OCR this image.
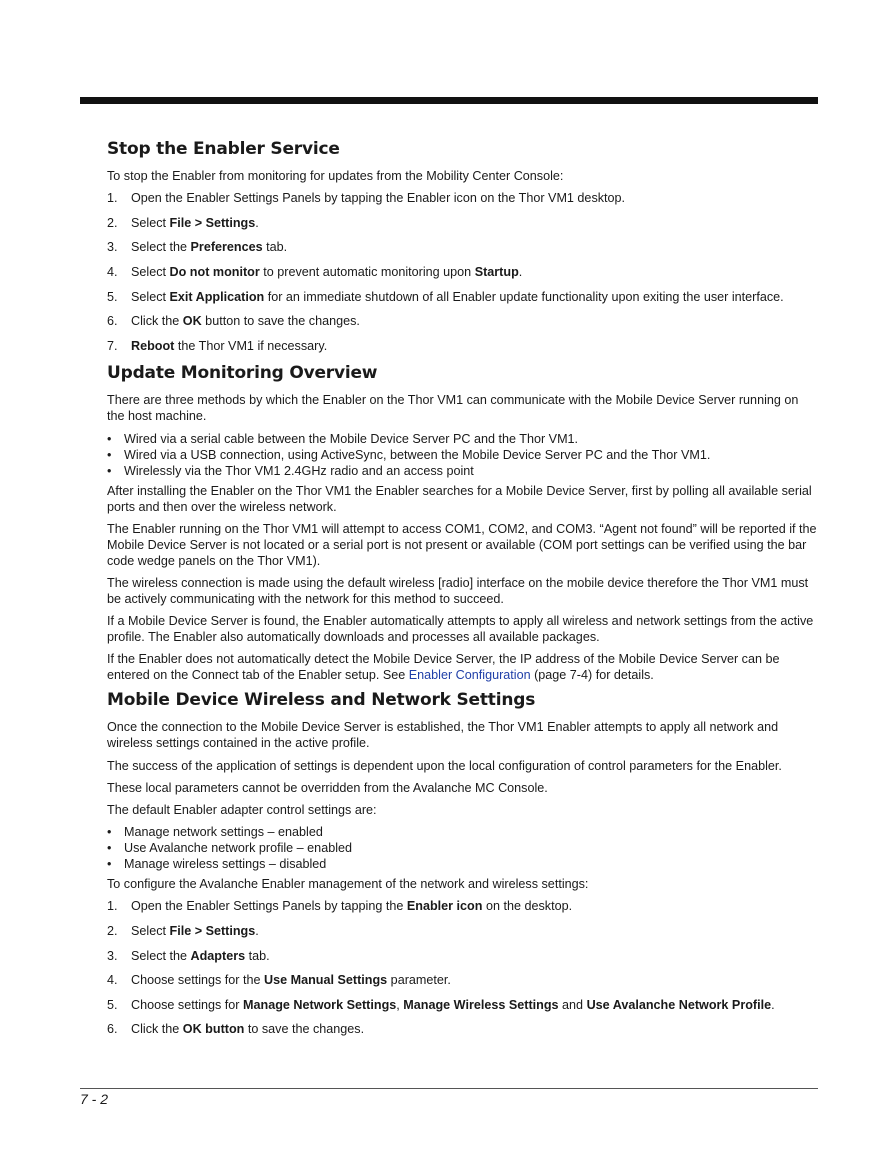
Stop the Enabler Service

To stop the Enabler from monitoring for updates from the Mobility Center Console:

1.	Open the Enabler Settings Panels by tapping the Enabler icon on the Thor VM1 desktop.
2.	Select File > Settings.
3.	Select the Preferences tab.
4.	Select Do not monitor to prevent automatic monitoring upon Startup.
5.	Select Exit Application for an immediate shutdown of all Enabler update functionality upon exiting the user interface.
6.	Click the OK button to save the changes.
7.	Reboot the Thor VM1 if necessary.
Update Monitoring Overview

There are three methods by which the Enabler on the Thor VM1 can communicate with the Mobile Device Server running on the host machine.

• Wired via a serial cable between the Mobile Device Server PC and the Thor VM1.
• Wired via a USB connection, using ActiveSync, between the Mobile Device Server PC and the Thor VM1.
• Wirelessly via the Thor VM1 2.4GHz radio and an access point

After installing the Enabler on the Thor VM1 the Enabler searches for a Mobile Device Server, first by polling all available serial ports and then over the wireless network.

The Enabler running on the Thor VM1 will attempt to access COM1, COM2, and COM3. “Agent not found” will be reported if the Mobile Device Server is not located or a serial port is not present or available (COM port settings can be verified using the bar code wedge panels on the Thor VM1).

The wireless connection is made using the default wireless [radio] interface on the mobile device therefore the Thor VM1 must be actively communicating with the network for this method to succeed.

If a Mobile Device Server is found, the Enabler automatically attempts to apply all wireless and network settings from the active profile. The Enabler also automatically downloads and processes all available packages.

If the Enabler does not automatically detect the Mobile Device Server, the IP address of the Mobile Device Server can be entered on the Connect tab of the Enabler setup. See Enabler Configuration (page 7-4) for details.

Mobile Device Wireless and Network Settings

Once the connection to the Mobile Device Server is established, the Thor VM1 Enabler attempts to apply all network and wireless settings contained in the active profile.

The success of the application of settings is dependent upon the local configuration of control parameters for the Enabler.

These local parameters cannot be overridden from the Avalanche MC Console.

The default Enabler adapter control settings are:

• Manage network settings – enabled
• Use Avalanche network profile – enabled
• Manage wireless settings – disabled

To configure the Avalanche Enabler management of the network and wireless settings:

1.	Open the Enabler Settings Panels by tapping the Enabler icon on the desktop.
2.	Select File > Settings.
3.	Select the Adapters tab.
4.	Choose settings for the Use Manual Settings parameter.
5.	Choose settings for Manage Network Settings, Manage Wireless Settings and Use Avalanche Network Profile.
6.	Click the OK button to save the changes.
7 - 2
